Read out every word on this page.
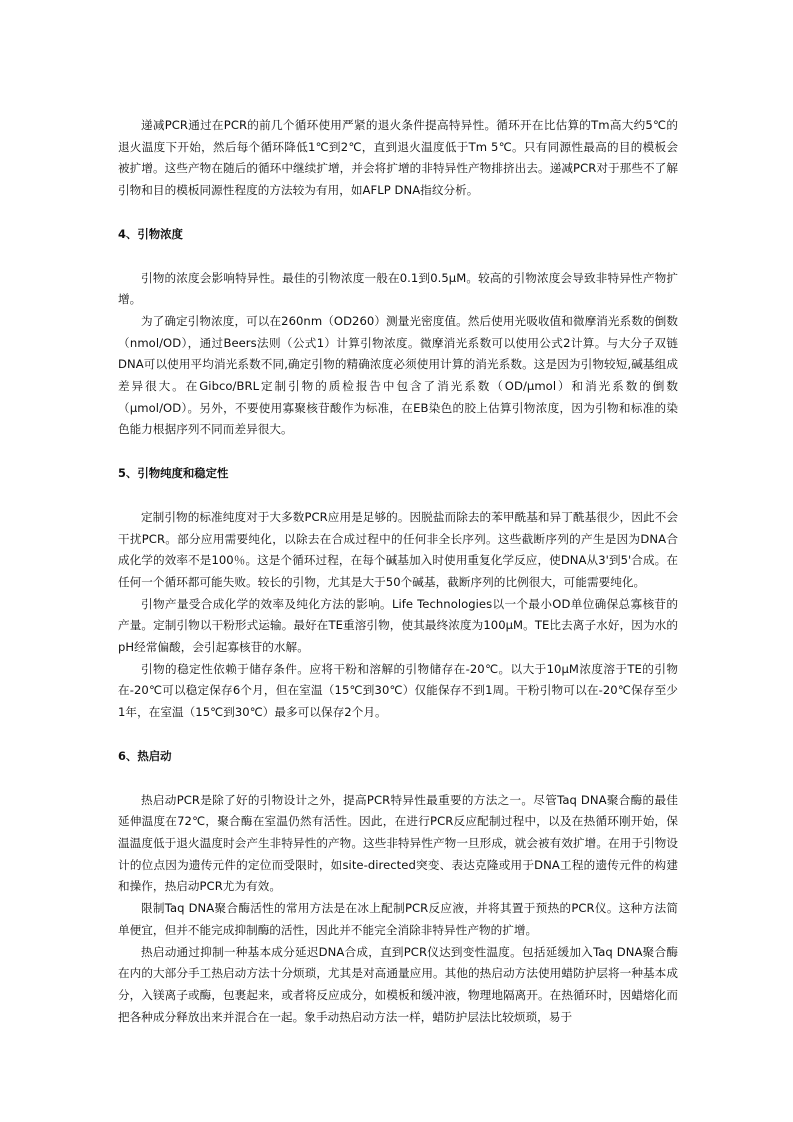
递减PCR通过在PCR的前几个循环使用严紧的退火条件提高特异性。循环开在比估算的Tm高大约5℃的退火温度下开始，然后每个循环降低1℃到2℃，直到退火温度低于Tm 5℃。只有同源性最高的目的模板会被扩增。这些产物在随后的循环中继续扩增，并会将扩增的非特异性产物排挤出去。递减PCR对于那些不了解引物和目的模板同源性程度的方法较为有用，如AFLP DNA指纹分析。

4、引物浓度

引物的浓度会影响特异性。最佳的引物浓度一般在0.1到0.5μM。较高的引物浓度会导致非特异性产物扩增。

为了确定引物浓度，可以在260nm（OD260）测量光密度值。然后使用光吸收值和微摩消光系数的倒数（nmol/OD），通过Beers法则（公式1）计算引物浓度。微摩消光系数可以使用公式2计算。与大分子双链DNA可以使用平均消光系数不同,确定引物的精确浓度必须使用计算的消光系数。这是因为引物较短,碱基组成差异很大。在Gibco/BRL定制引物的质检报告中包含了消光系数（OD/μmol）和消光系数的倒数（μmol/OD）。另外，不要使用寡聚核苷酸作为标准，在EB染色的胶上估算引物浓度，因为引物和标准的染色能力根据序列不同而差异很大。

5、引物纯度和稳定性

定制引物的标准纯度对于大多数PCR应用是足够的。因脱盐而除去的苯甲酰基和异丁酰基很少，因此不会干扰PCR。部分应用需要纯化，以除去在合成过程中的任何非全长序列。这些截断序列的产生是因为DNA合成化学的效率不是100％。这是个循环过程，在每个碱基加入时使用重复化学反应，使DNA从3'到5'合成。在任何一个循环都可能失败。较长的引物，尤其是大于50个碱基，截断序列的比例很大，可能需要纯化。

引物产量受合成化学的效率及纯化方法的影响。Life Technologies以一个最小OD单位确保总寡核苷的产量。定制引物以干粉形式运输。最好在TE重溶引物，使其最终浓度为100μM。TE比去离子水好，因为水的pH经常偏酸，会引起寡核苷的水解。

引物的稳定性依赖于储存条件。应将干粉和溶解的引物储存在-20℃。以大于10μM浓度溶于TE的引物在-20℃可以稳定保存6个月，但在室温（15℃到30℃）仅能保存不到1周。干粉引物可以在-20℃保存至少1年，在室温（15℃到30℃）最多可以保存2个月。

6、热启动

热启动PCR是除了好的引物设计之外，提高PCR特异性最重要的方法之一。尽管Taq DNA聚合酶的最佳延伸温度在72℃，聚合酶在室温仍然有活性。因此，在进行PCR反应配制过程中，以及在热循环刚开始，保温温度低于退火温度时会产生非特异性的产物。这些非特异性产物一旦形成，就会被有效扩增。在用于引物设计的位点因为遗传元件的定位而受限时，如site-directed突变、表达克隆或用于DNA工程的遗传元件的构建和操作，热启动PCR尤为有效。

限制Taq DNA聚合酶活性的常用方法是在冰上配制PCR反应液，并将其置于预热的PCR仪。这种方法简单便宜，但并不能完成抑制酶的活性，因此并不能完全消除非特异性产物的扩增。

热启动通过抑制一种基本成分延迟DNA合成，直到PCR仪达到变性温度。包括延缓加入Taq DNA聚合酶在内的大部分手工热启动方法十分烦琐，尤其是对高通量应用。其他的热启动方法使用蜡防护层将一种基本成分，入镁离子或酶，包裹起来，或者将反应成分，如模板和缓冲液，物理地隔离开。在热循环时，因蜡熔化而把各种成分释放出来并混合在一起。象手动热启动方法一样，蜡防护层法比较烦琐，易于
